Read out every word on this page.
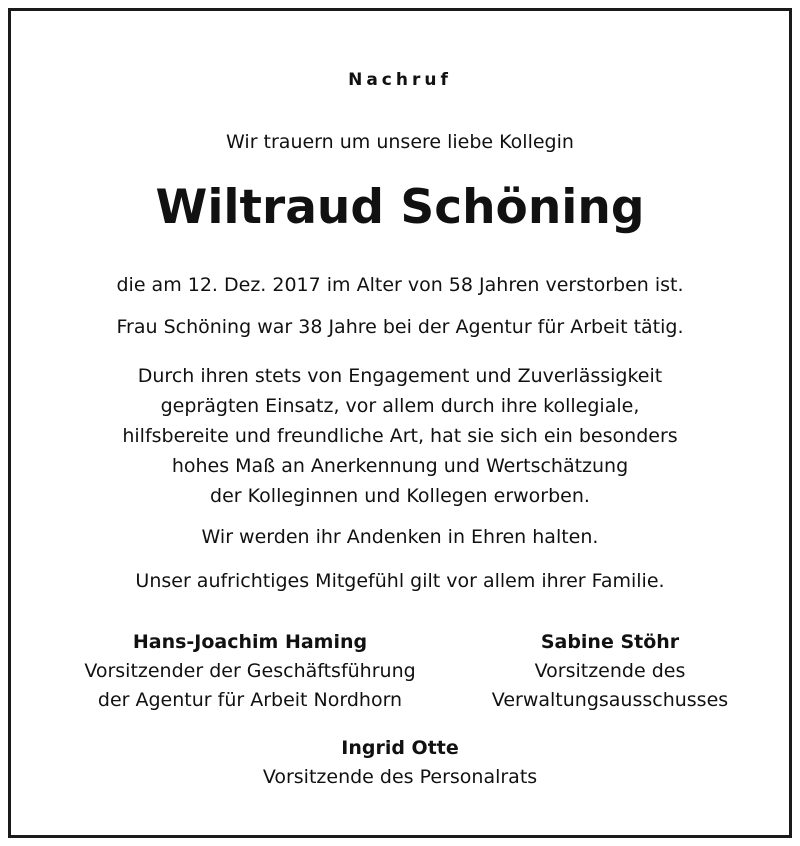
Nachruf
Wir trauern um unsere liebe Kollegin
Wiltraud Schöning
die am 12. Dez. 2017 im Alter von 58 Jahren verstorben ist.
Frau Schöning war 38 Jahre bei der Agentur für Arbeit tätig.
Durch ihren stets von Engagement und Zuverlässigkeit
geprägten Einsatz, vor allem durch ihre kollegiale,
hilfsbereite und freundliche Art, hat sie sich ein besonders
hohes Maß an Anerkennung und Wertschätzung
der Kolleginnen und Kollegen erworben.
Wir werden ihr Andenken in Ehren halten.
Unser aufrichtiges Mitgefühl gilt vor allem ihrer Familie.
Hans-Joachim Haming
Vorsitzender der Geschäftsführung
der Agentur für Arbeit Nordhorn
Sabine Stöhr
Vorsitzende des
Verwaltungsausschusses
Ingrid Otte
Vorsitzende des Personalrats
